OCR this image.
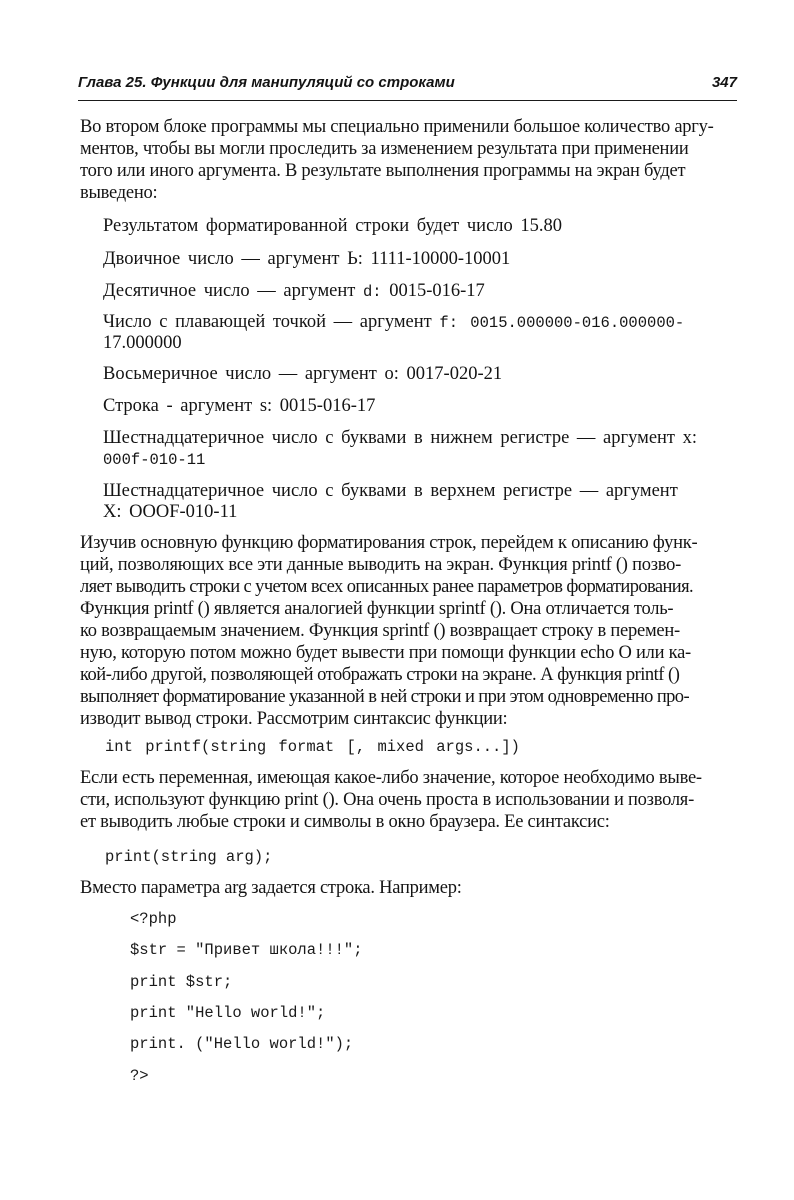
Глава 25. Функции для манипуляций со строками	347
Во втором блоке программы мы специально применили большое количество аргу-
ментов, чтобы вы могли проследить за изменением результата при применении
того или иного аргумента. В результате выполнения программы на экран будет
выведено:
Результатом форматированной строки будет число 15.80
Двоичное число — аргумент Ь: 1111-10000-10001
Десятичное число — аргумент d: 0015-016-17
Число с плавающей точкой — аргумент f: 0015.000000-016.000000-
17.000000
Восьмеричное число — аргумент о: 0017-020-21
Строка - аргумент s: 0015-016-17
Шестнадцатеричное число с буквами в нижнем регистре — аргумент х:
000f-010-11
Шестнадцатеричное число с буквами в верхнем регистре — аргумент
X: OOOF-010-11
Изучив основную функцию форматирования строк, перейдем к описанию функ-
ций, позволяющих все эти данные выводить на экран. Функция printf () позво-
ляет выводить строки с учетом всех описанных ранее параметров форматирования.
Функция printf () является аналогией функции sprintf (). Она отличается толь-
ко возвращаемым значением. Функция sprintf () возвращает строку в перемен-
ную, которую потом можно будет вывести при помощи функции echo O или ка-
кой-либо другой, позволяющей отображать строки на экране. А функция printf ()
выполняет форматирование указанной в ней строки и при этом одновременно про-
изводит вывод строки. Рассмотрим синтаксис функции:
int printf(string format [, mixed args...])
Если есть переменная, имеющая какое-либо значение, которое необходимо выве-
сти, используют функцию print (). Она очень проста в использовании и позволя-
ет выводить любые строки и символы в окно браузера. Ее синтаксис:
print(string arg);
Вместо параметра arg задается строка. Например:
<?php
$str = "Привет школа!!!";
print $str;
print "Hello world!";
print. ("Hello world!");
?>
